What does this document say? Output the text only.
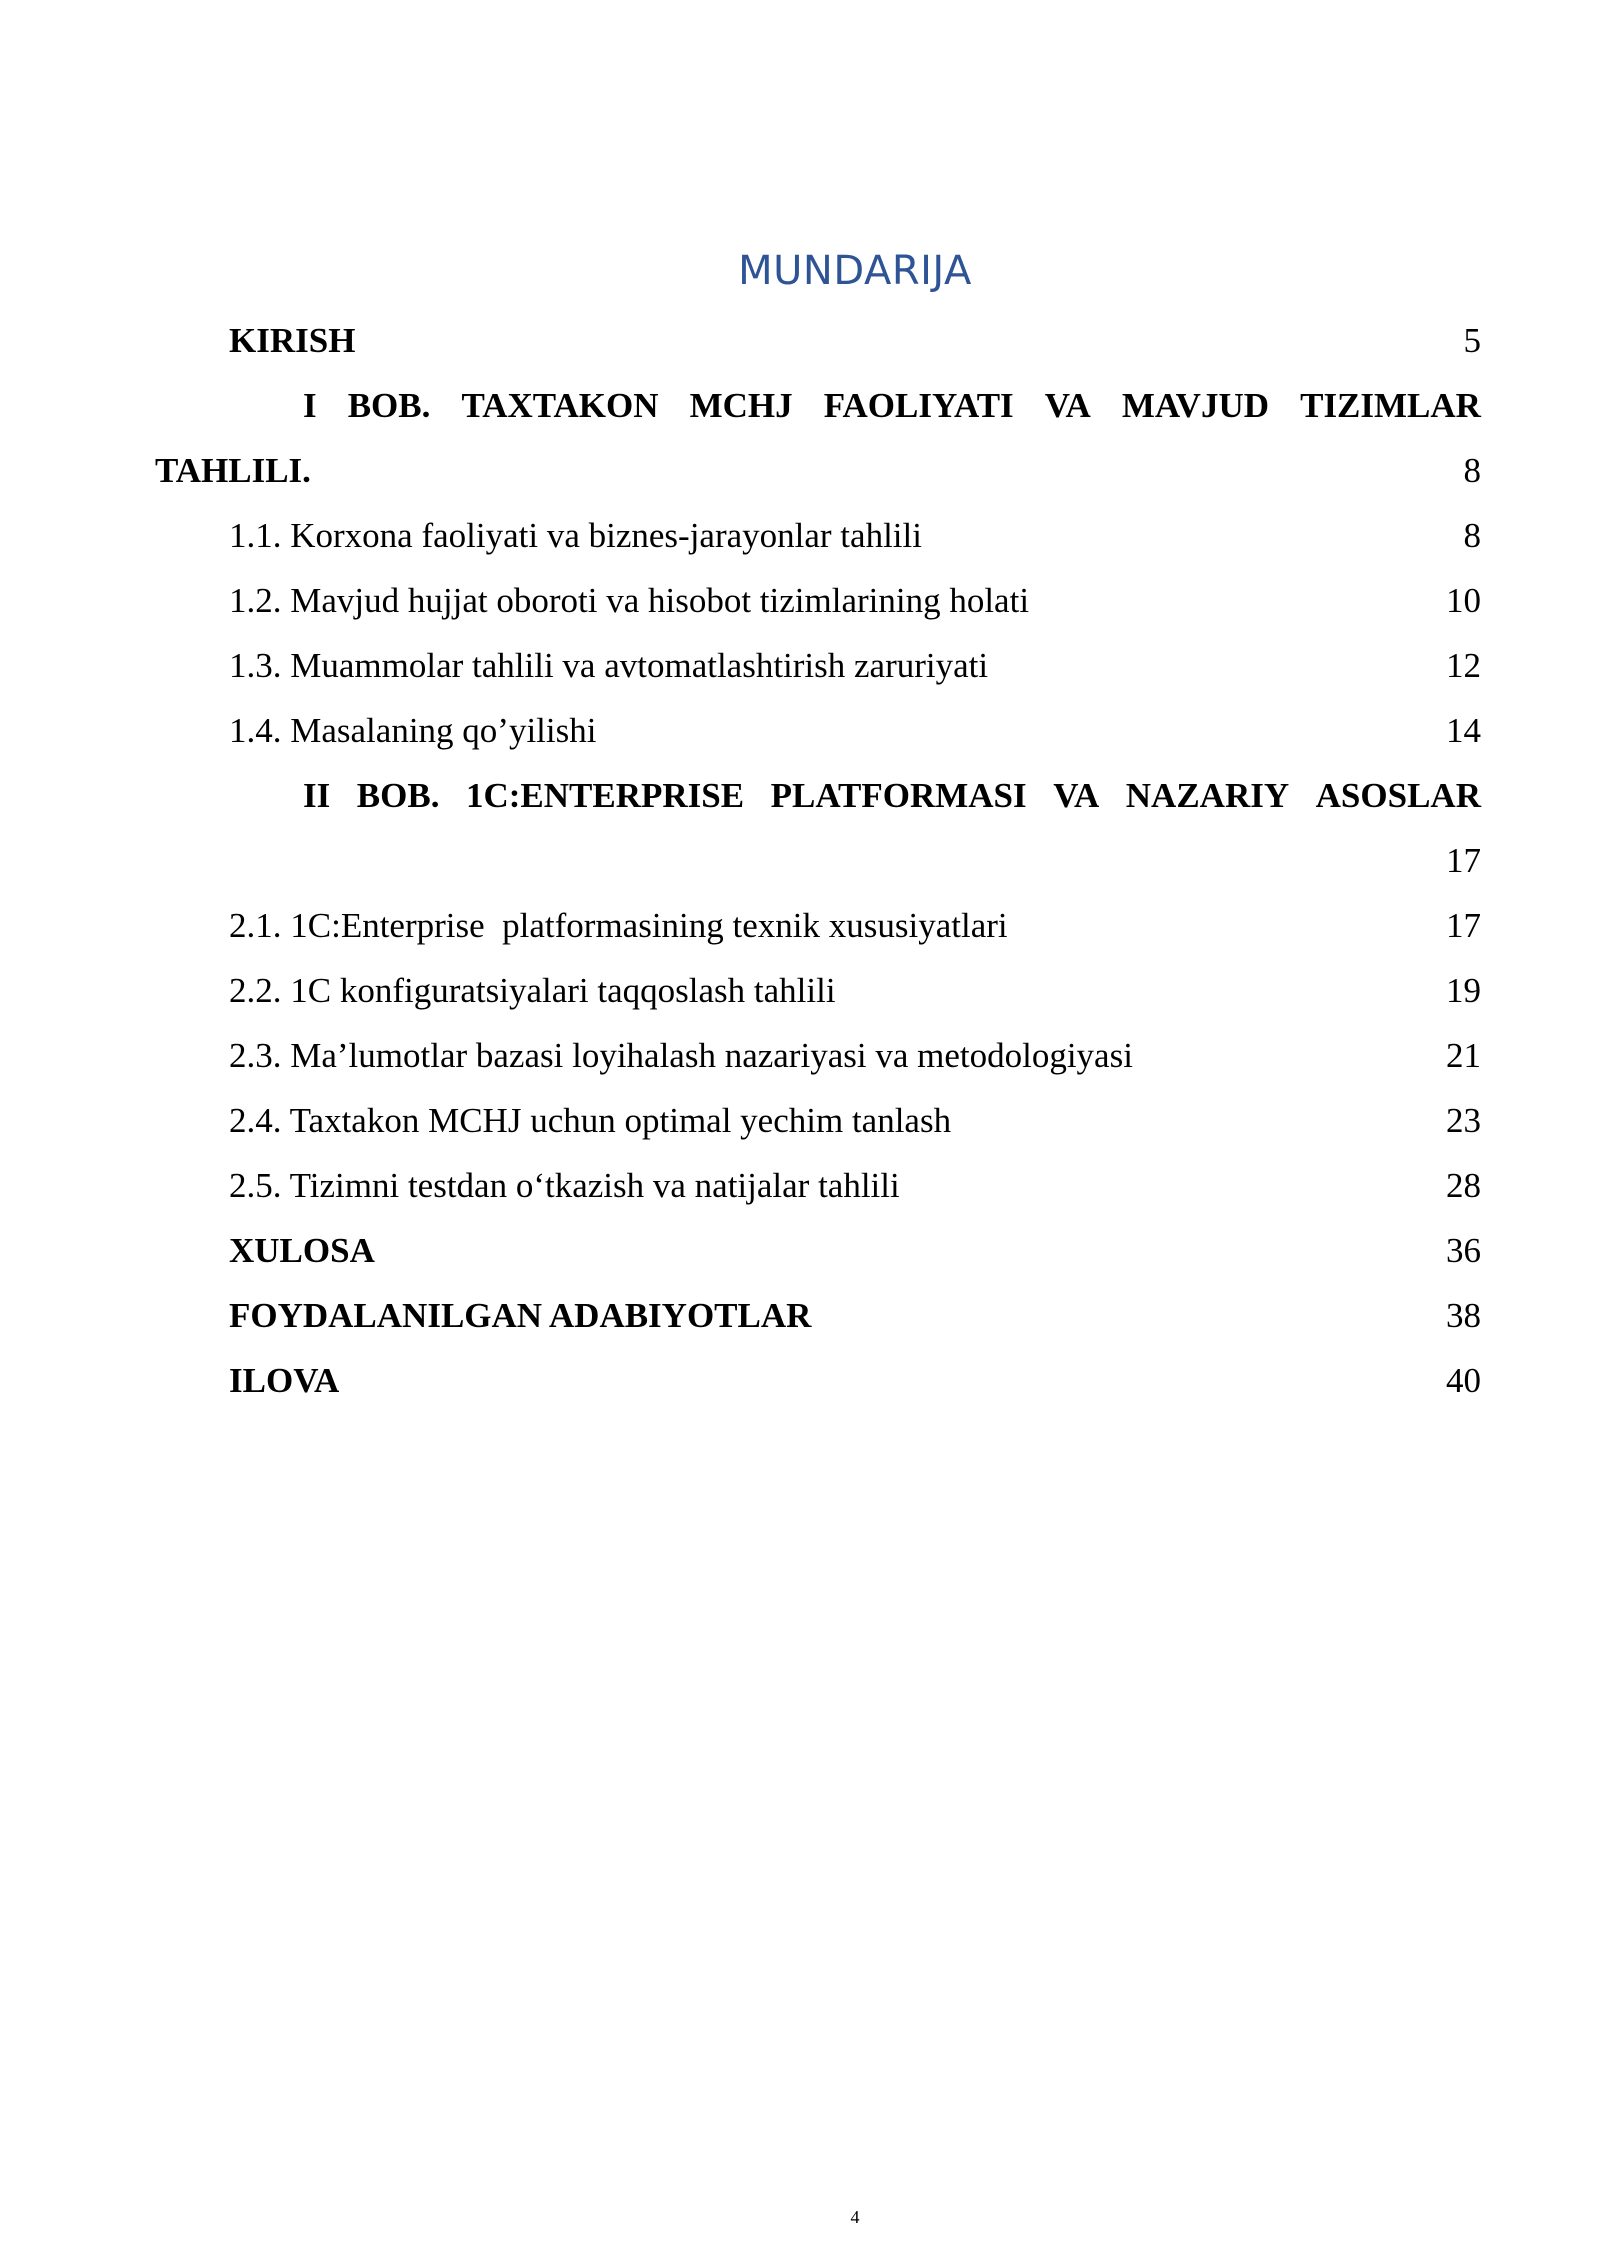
MUNDARIJA
KIRISH	5
I BOB. TAXTAKON MCHJ FAOLIYATI VA MAVJUD TIZIMLAR
TAHLILI.	8
1.1. Korxona faoliyati va biznes-jarayonlar tahlili	8
1.2. Mavjud hujjat oboroti va hisobot tizimlarining holati	10
1.3. Muammolar tahlili va avtomatlashtirish zaruriyati	12
1.4. Masalaning qo’yilishi	14
II BOB. 1C:ENTERPRISE PLATFORMASI VA NAZARIY ASOSLAR
17
2.1. 1C:Enterprise  platformasining texnik xususiyatlari	17
2.2. 1C konfiguratsiyalari taqqoslash tahlili	19
2.3. Ma’lumotlar bazasi loyihalash nazariyasi va metodologiyasi	21
2.4. Taxtakon MCHJ uchun optimal yechim tanlash	23
2.5. Tizimni testdan o‘tkazish va natijalar tahlili	28
XULOSA	36
FOYDALANILGAN ADABIYOTLAR	38
ILOVA	40
4
